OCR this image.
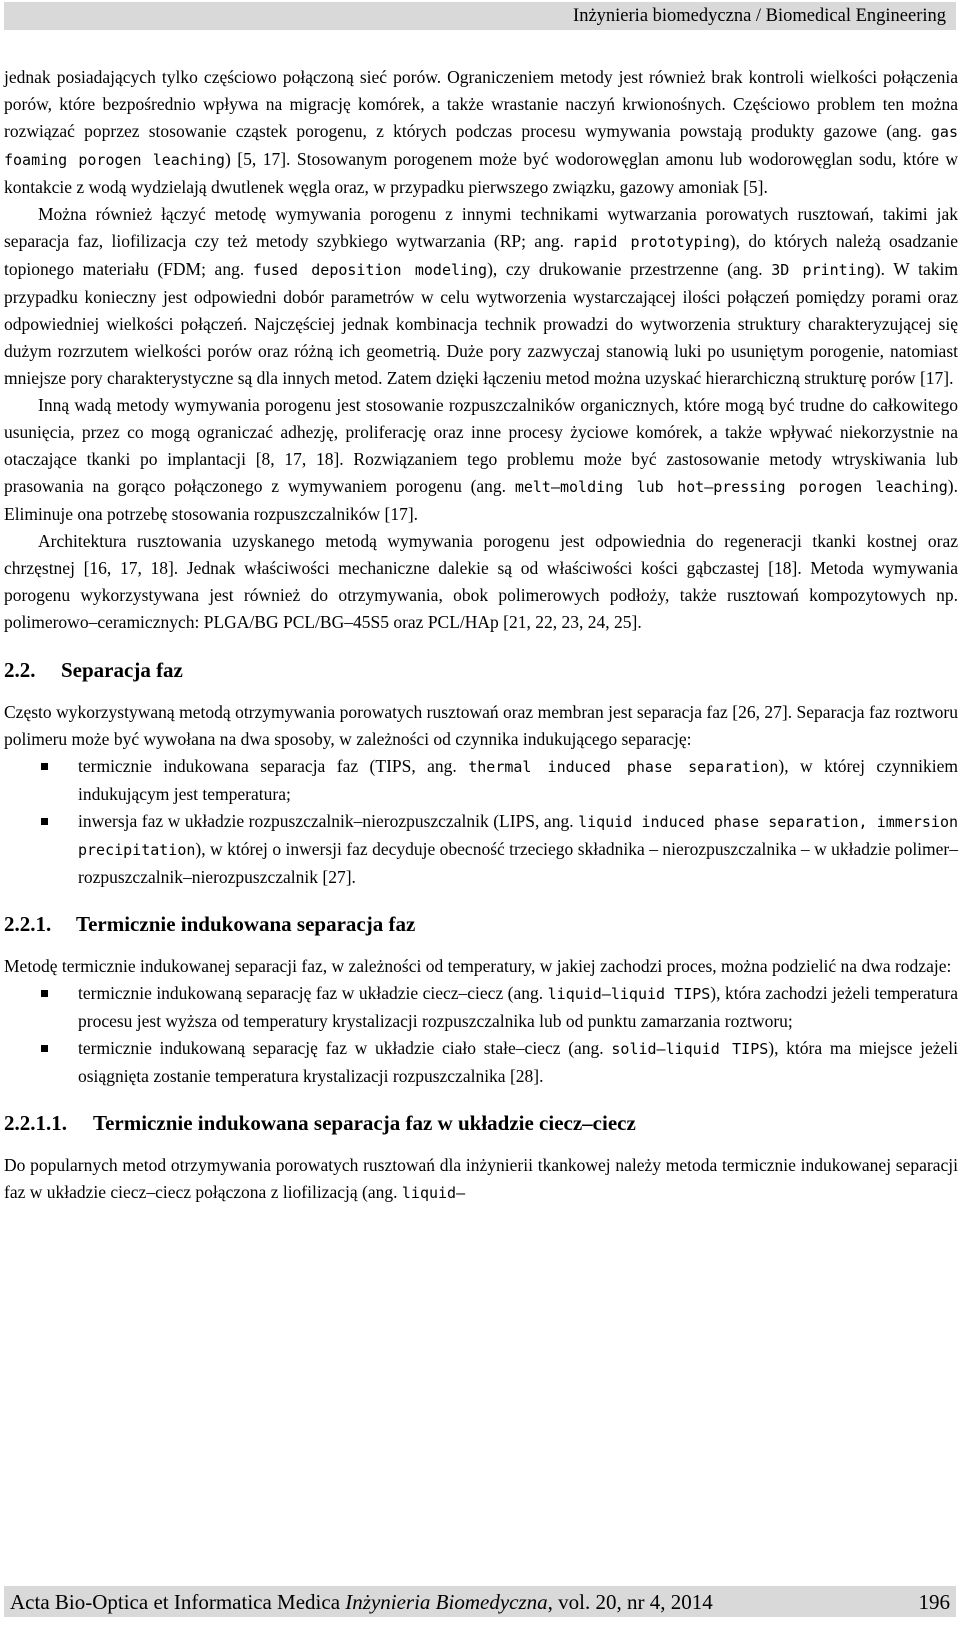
Inżynieria biomedyczna / Biomedical Engineering

jednak posiadających tylko częściowo połączoną sieć porów. Ograniczeniem metody jest również brak kontroli wielkości połączenia porów, które bezpośrednio wpływa na migrację komórek, a także wrastanie naczyń krwionośnych. Częściowo problem ten można rozwiązać poprzez stosowanie cząstek porogenu, z których podczas procesu wymywania powstają produkty gazowe (ang. gas foaming porogen leaching) [5, 17]. Stosowanym porogenem może być wodorowęglan amonu lub wodorowęglan sodu, które w kontakcie z wodą wydzielają dwutlenek węgla oraz, w przypadku pierwszego związku, gazowy amoniak [5].

Można również łączyć metodę wymywania porogenu z innymi technikami wytwarzania porowatych rusztowań, takimi jak separacja faz, liofilizacja czy też metody szybkiego wytwarzania (RP; ang. rapid prototyping), do których należą osadzanie topionego materiału (FDM; ang. fused deposition modeling), czy drukowanie przestrzenne (ang. 3D printing). W takim przypadku konieczny jest odpowiedni dobór parametrów w celu wytworzenia wystarczającej ilości połączeń pomiędzy porami oraz odpowiedniej wielkości połączeń. Najczęściej jednak kombinacja technik prowadzi do wytworzenia struktury charakteryzującej się dużym rozrzutem wielkości porów oraz różną ich geometrią. Duże pory zazwyczaj stanowią luki po usuniętym porogenie, natomiast mniejsze pory charakterystyczne są dla innych metod. Zatem dzięki łączeniu metod można uzyskać hierarchiczną strukturę porów [17].

Inną wadą metody wymywania porogenu jest stosowanie rozpuszczalników organicznych, które mogą być trudne do całkowitego usunięcia, przez co mogą ograniczać adhezję, proliferację oraz inne procesy życiowe komórek, a także wpływać niekorzystnie na otaczające tkanki po implantacji [8, 17, 18]. Rozwiązaniem tego problemu może być zastosowanie metody wtryskiwania lub prasowania na gorąco połączonego z wymywaniem porogenu (ang. melt–molding lub hot–pressing porogen leaching). Eliminuje ona potrzebę stosowania rozpuszczalników [17].

Architektura rusztowania uzyskanego metodą wymywania porogenu jest odpowiednia do regeneracji tkanki kostnej oraz chrzęstnej [16, 17, 18]. Jednak właściwości mechaniczne dalekie są od właściwości kości gąbczastej [18]. Metoda wymywania porogenu wykorzystywana jest również do otrzymywania, obok polimerowych podłoży, także rusztowań kompozytowych np. polimerowo–ceramicznych: PLGA/BG PCL/BG–45S5 oraz PCL/HAp [21, 22, 23, 24, 25].

2.2.	Separacja faz

Często wykorzystywaną metodą otrzymywania porowatych rusztowań oraz membran jest separacja faz [26, 27]. Separacja faz roztworu polimeru może być wywołana na dwa sposoby, w zależności od czynnika indukującego separację:

termicznie indukowana separacja faz (TIPS, ang. thermal induced phase separation), w której czynnikiem indukującym jest temperatura;
inwersja faz w układzie rozpuszczalnik–nierozpuszczalnik (LIPS, ang. liquid induced phase separation, immersion precipitation), w której o inwersji faz decyduje obecność trzeciego składnika – nierozpuszczalnika – w układzie polimer–rozpuszczalnik–nierozpuszczalnik [27].
2.2.1.	Termicznie indukowana separacja faz

Metodę termicznie indukowanej separacji faz, w zależności od temperatury, w jakiej zachodzi proces, można podzielić na dwa rodzaje:

termicznie indukowaną separację faz w układzie ciecz–ciecz (ang. liquid–liquid TIPS), która zachodzi jeżeli temperatura procesu jest wyższa od temperatury krystalizacji rozpuszczalnika lub od punktu zamarzania roztworu;
termicznie indukowaną separację faz w układzie ciało stałe–ciecz (ang. solid–liquid TIPS), która ma miejsce jeżeli osiągnięta zostanie temperatura krystalizacji rozpuszczalnika [28].
2.2.1.1.	Termicznie indukowana separacja faz w układzie ciecz–ciecz

Do popularnych metod otrzymywania porowatych rusztowań dla inżynierii tkankowej należy metoda termicznie indukowanej separacji faz w układzie ciecz–ciecz połączona z liofilizacją (ang. liquid–

Acta Bio-Optica et Informatica Medica Inżynieria Biomedyczna, vol. 20, nr 4, 2014	196
